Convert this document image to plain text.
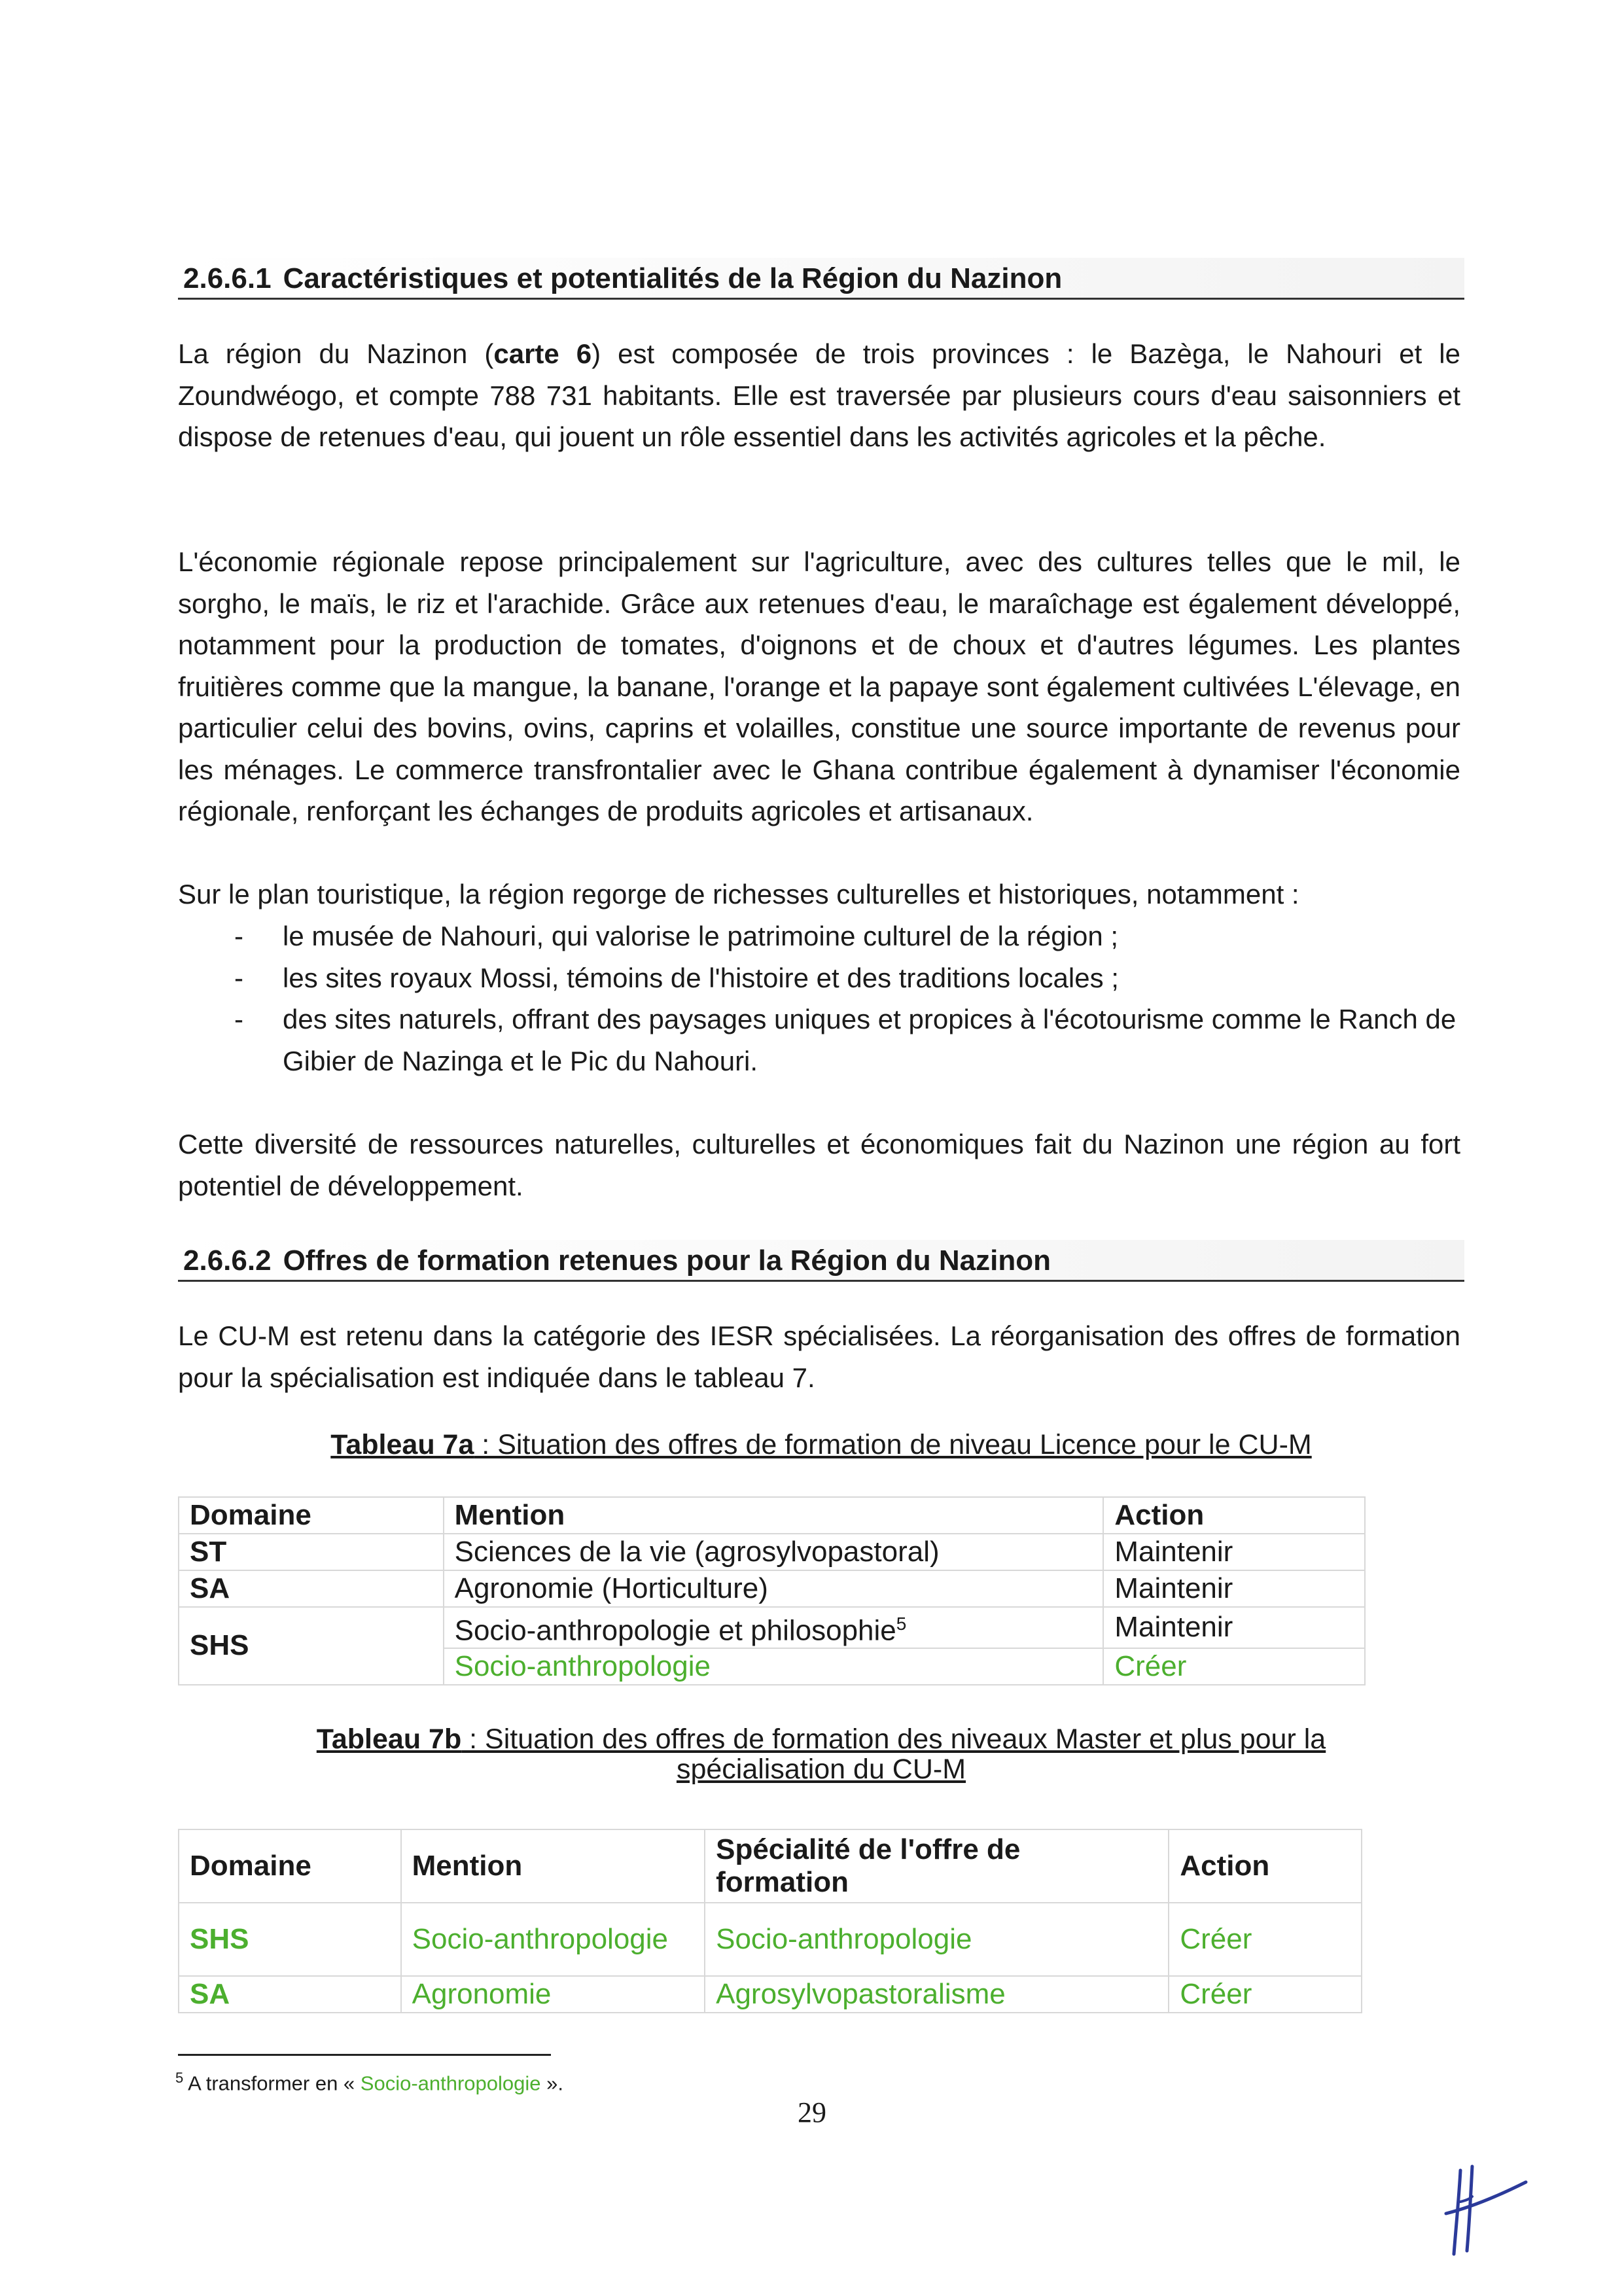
2.6.6.1 Caractéristiques et potentialités de la Région du Nazinon

La région du Nazinon (carte 6) est composée de trois provinces : le Bazèga, le Nahouri et le Zoundwéogo, et compte 788 731 habitants. Elle est traversée par plusieurs cours d'eau saisonniers et dispose de retenues d'eau, qui jouent un rôle essentiel dans les activités agricoles et la pêche.

L'économie régionale repose principalement sur l'agriculture, avec des cultures telles que le mil, le sorgho, le maïs, le riz et l'arachide. Grâce aux retenues d'eau, le maraîchage est également développé, notamment pour la production de tomates, d'oignons et de choux et d'autres légumes. Les plantes fruitières comme que la mangue, la banane, l'orange et la papaye sont également cultivées L'élevage, en particulier celui des bovins, ovins, caprins et volailles, constitue une source importante de revenus pour les ménages. Le commerce transfrontalier avec le Ghana contribue également à dynamiser l'économie régionale, renforçant les échanges de produits agricoles et artisanaux.

Sur le plan touristique, la région regorge de richesses culturelles et historiques, notamment :

- le musée de Nahouri, qui valorise le patrimoine culturel de la région ;
- les sites royaux Mossi, témoins de l'histoire et des traditions locales ;
- des sites naturels, offrant des paysages uniques et propices à l'écotourisme comme le Ranch de Gibier de Nazinga et le Pic du Nahouri.

Cette diversité de ressources naturelles, culturelles et économiques fait du Nazinon une région au fort potentiel de développement.

2.6.6.2 Offres de formation retenues pour la Région du Nazinon

Le CU-M est retenu dans la catégorie des IESR spécialisées. La réorganisation des offres de formation pour la spécialisation est indiquée dans le tableau 7.

Tableau 7a : Situation des offres de formation de niveau Licence pour le CU-M
Domaine	Mention	Action
ST	Sciences de la vie (agrosylvopastoral)	Maintenir
SA	Agronomie (Horticulture)	Maintenir
SHS	Socio-anthropologie et philosophie$^5$	Maintenir
	Socio-anthropologie	Créer
Tableau 7b : Situation des offres de formation des niveaux Master et plus pour la
spécialisation du CU-M
Domaine	Mention	Spécialité de l'offre de formation	Action
SHS	Socio-anthropologie	Socio-anthropologie	Créer
SA	Agronomie	Agrosylvopastoralisme	Créer
$^5$ A transformer en « Socio-anthropologie ».
29
